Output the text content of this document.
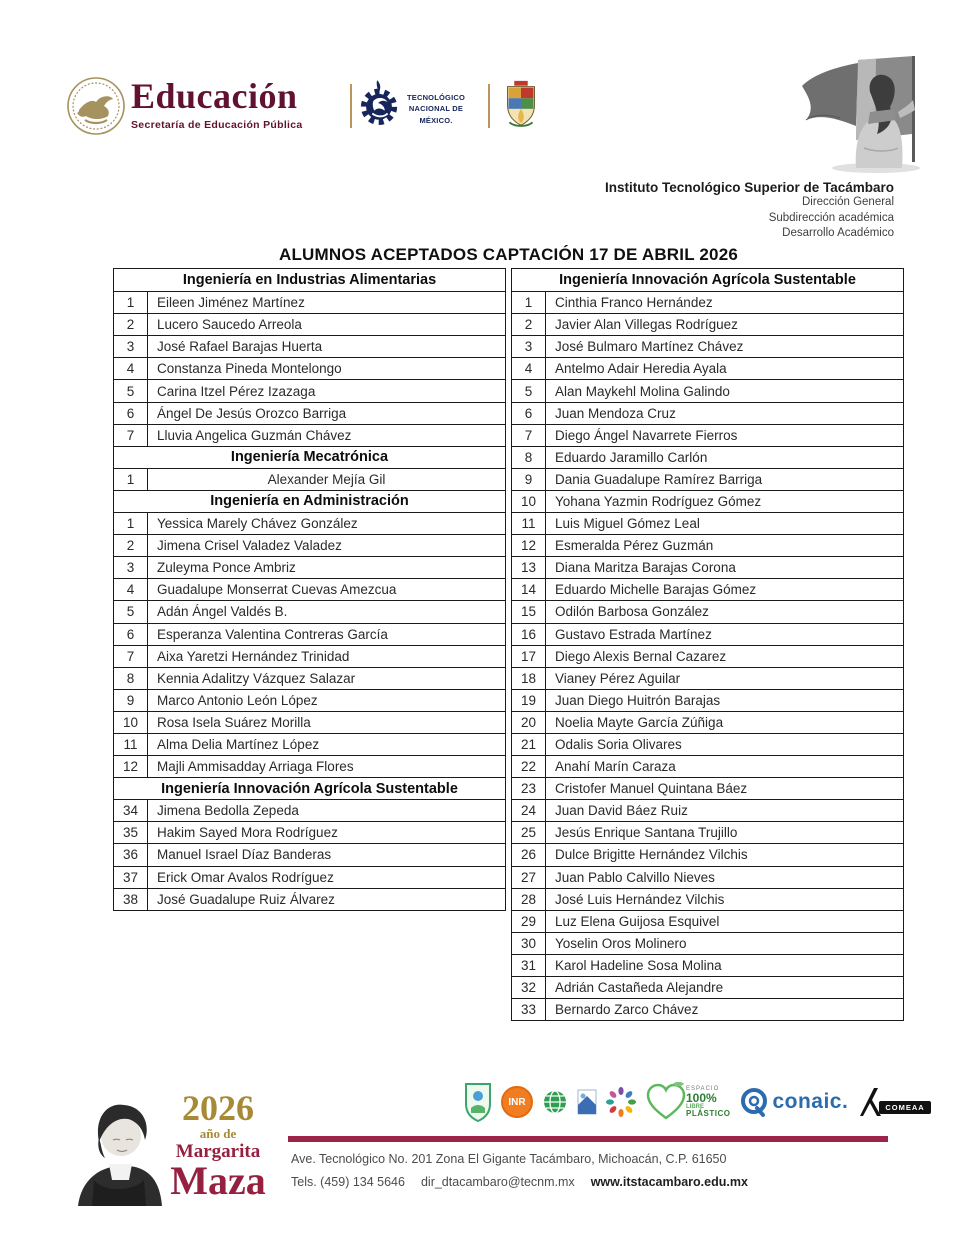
Educación
Secretaría de Educación Pública
TECNOLÓGICO
NACIONAL DE MÉXICO.
Instituto Tecnológico Superior de Tacámbaro
Dirección General
Subdirección académica
Desarrollo Académico
ALUMNOS ACEPTADOS CAPTACIÓN 17 DE ABRIL 2026
Ingeniería en Industrias Alimentarias
1	Eileen Jiménez Martínez
2	Lucero Saucedo Arreola
3	José Rafael Barajas Huerta
4	Constanza Pineda Montelongo
5	Carina Itzel Pérez Izazaga
6	Ángel De Jesús Orozco Barriga
7	Lluvia Angelica Guzmán Chávez
Ingeniería Mecatrónica
1	Alexander Mejía Gil
Ingeniería en Administración
1	Yessica Marely Chávez González
2	Jimena Crisel Valadez Valadez
3	Zuleyma Ponce Ambriz
4	Guadalupe Monserrat Cuevas Amezcua
5	Adán Ángel Valdés B.
6	Esperanza Valentina Contreras García
7	Aixa Yaretzi Hernández Trinidad
8	Kennia Adalitzy Vázquez Salazar
9	Marco Antonio León López
10	Rosa Isela Suárez Morilla
11	Alma Delia Martínez López
12	Majli Ammisadday Arriaga Flores
Ingeniería Innovación Agrícola Sustentable
34	Jimena Bedolla Zepeda
35	Hakim Sayed Mora Rodríguez
36	Manuel Israel Díaz Banderas
37	Erick Omar Avalos Rodríguez
38	José Guadalupe Ruiz Álvarez
Ingeniería Innovación Agrícola Sustentable
1	Cinthia Franco Hernández
2	Javier Alan Villegas Rodríguez
3	José Bulmaro Martínez Chávez
4	Antelmo Adair Heredia Ayala
5	Alan Maykehl Molina Galindo
6	Juan Mendoza Cruz
7	Diego Ángel Navarrete Fierros
8	Eduardo Jaramillo Carlón
9	Dania Guadalupe Ramírez Barriga
10	Yohana Yazmin Rodríguez Gómez
11	Luis Miguel Gómez Leal
12	Esmeralda Pérez Guzmán
13	Diana Maritza Barajas Corona
14	Eduardo Michelle Barajas Gómez
15	Odilón Barbosa González
16	Gustavo Estrada Martínez
17	Diego Alexis Bernal Cazarez
18	Vianey Pérez Aguilar
19	Juan Diego Huitrón Barajas
20	Noelia Mayte García Zúñiga
21	Odalis Soria Olivares
22	Anahí Marín Caraza
23	Cristofer Manuel Quintana Báez
24	Juan David Báez Ruiz
25	Jesús Enrique Santana Trujillo
26	Dulce Brigitte Hernández Vilchis
27	Juan Pablo Calvillo Nieves
28	José Luis Hernández Vilchis
29	Luz Elena Guijosa Esquivel
30	Yoselin Oros Molinero
31	Karol Hadeline Sosa Molina
32	Adrián Castañeda Alejandre
33	Bernardo Zarco Chávez
2026
año de
Margarita
Maza
INR
ESPACIO
100%
LIBRE
PLÁSTICO
conaic.	COMEAA
Ave. Tecnológico No. 201 Zona El Gigante Tacámbaro, Michoacán, C.P. 61650
Tels. (459) 134 5646 dir_dtacambaro@tecnm.mx www.itstacambaro.edu.mx
